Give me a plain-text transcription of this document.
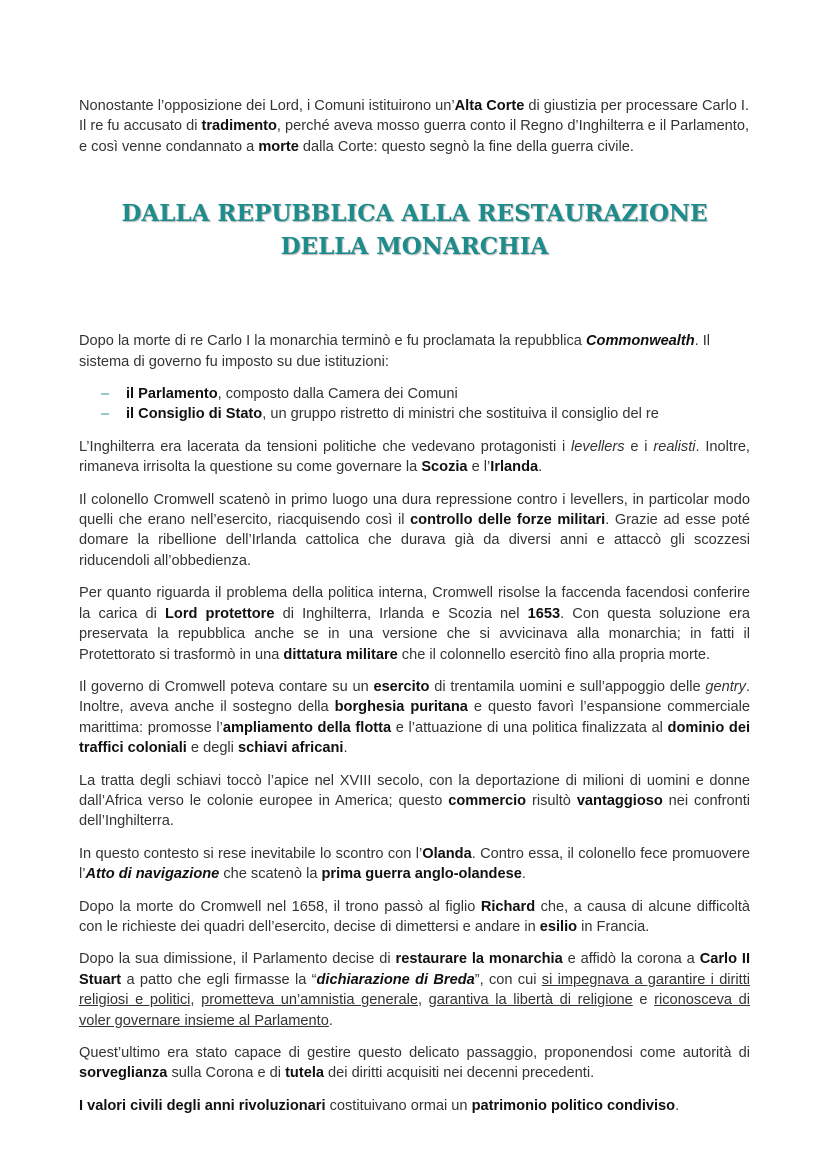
Nonostante l’opposizione dei Lord, i Comuni istituirono un’Alta Corte di giustizia per processare Carlo I. Il re fu accusato di tradimento, perché aveva mosso guerra conto il Regno d’Inghilterra e il Parlamento, e così venne condannato a morte dalla Corte: questo segnò la fine della guerra civile.

DALLA REPUBBLICA ALLA RESTAURAZIONE DELLA MONARCHIA

Dopo la morte di re Carlo I la monarchia terminò e fu proclamata la repubblica Commonwealth. Il sistema di governo fu imposto su due istituzioni:

– il Parlamento, composto dalla Camera dei Comuni
– il Consiglio di Stato, un gruppo ristretto di ministri che sostituiva il consiglio del re

L’Inghilterra era lacerata da tensioni politiche che vedevano protagonisti i levellers e i realisti. Inoltre, rimaneva irrisolta la questione su come governare la Scozia e l’Irlanda.

Il colonello Cromwell scatenò in primo luogo una dura repressione contro i levellers, in particolar modo quelli che erano nell’esercito, riacquisendo così il controllo delle forze militari. Grazie ad esse poté domare la ribellione dell’Irlanda cattolica che durava già da diversi anni e attaccò gli scozzesi riducendoli all’obbedienza.

Per quanto riguarda il problema della politica interna, Cromwell risolse la faccenda facendosi conferire la carica di Lord protettore di Inghilterra, Irlanda e Scozia nel 1653. Con questa soluzione era preservata la repubblica anche se in una versione che si avvicinava alla monarchia; in fatti il Protettorato si trasformò in una dittatura militare che il colonnello esercitò fino alla propria morte.

Il governo di Cromwell poteva contare su un esercito di trentamila uomini e sull’appoggio delle gentry. Inoltre, aveva anche il sostegno della borghesia puritana e questo favorì l’espansione commerciale marittima: promosse l’ampliamento della flotta e l’attuazione di una politica finalizzata al dominio dei traffici coloniali e degli schiavi africani.

La tratta degli schiavi toccò l’apice nel XVIII secolo, con la deportazione di milioni di uomini e donne dall’Africa verso le colonie europee in America; questo commercio risultò vantaggioso nei confronti dell’Inghilterra.

In questo contesto si rese inevitabile lo scontro con l’Olanda. Contro essa, il colonello fece promuovere l’Atto di navigazione che scatenò la prima guerra anglo-olandese.

Dopo la morte do Cromwell nel 1658, il trono passò al figlio Richard che, a causa di alcune difficoltà con le richieste dei quadri dell’esercito, decise di dimettersi e andare in esilio in Francia.

Dopo la sua dimissione, il Parlamento decise di restaurare la monarchia e affidò la corona a Carlo II Stuart a patto che egli firmasse la “dichiarazione di Breda”, con cui si impegnava a garantire i diritti religiosi e politici, prometteva un’amnistia generale, garantiva la libertà di religione e riconosceva di voler governare insieme al Parlamento.

Quest’ultimo era stato capace di gestire questo delicato passaggio, proponendosi come autorità di sorveglianza sulla Corona e di tutela dei diritti acquisiti nei decenni precedenti.

I valori civili degli anni rivoluzionari costituivano ormai un patrimonio politico condiviso.
